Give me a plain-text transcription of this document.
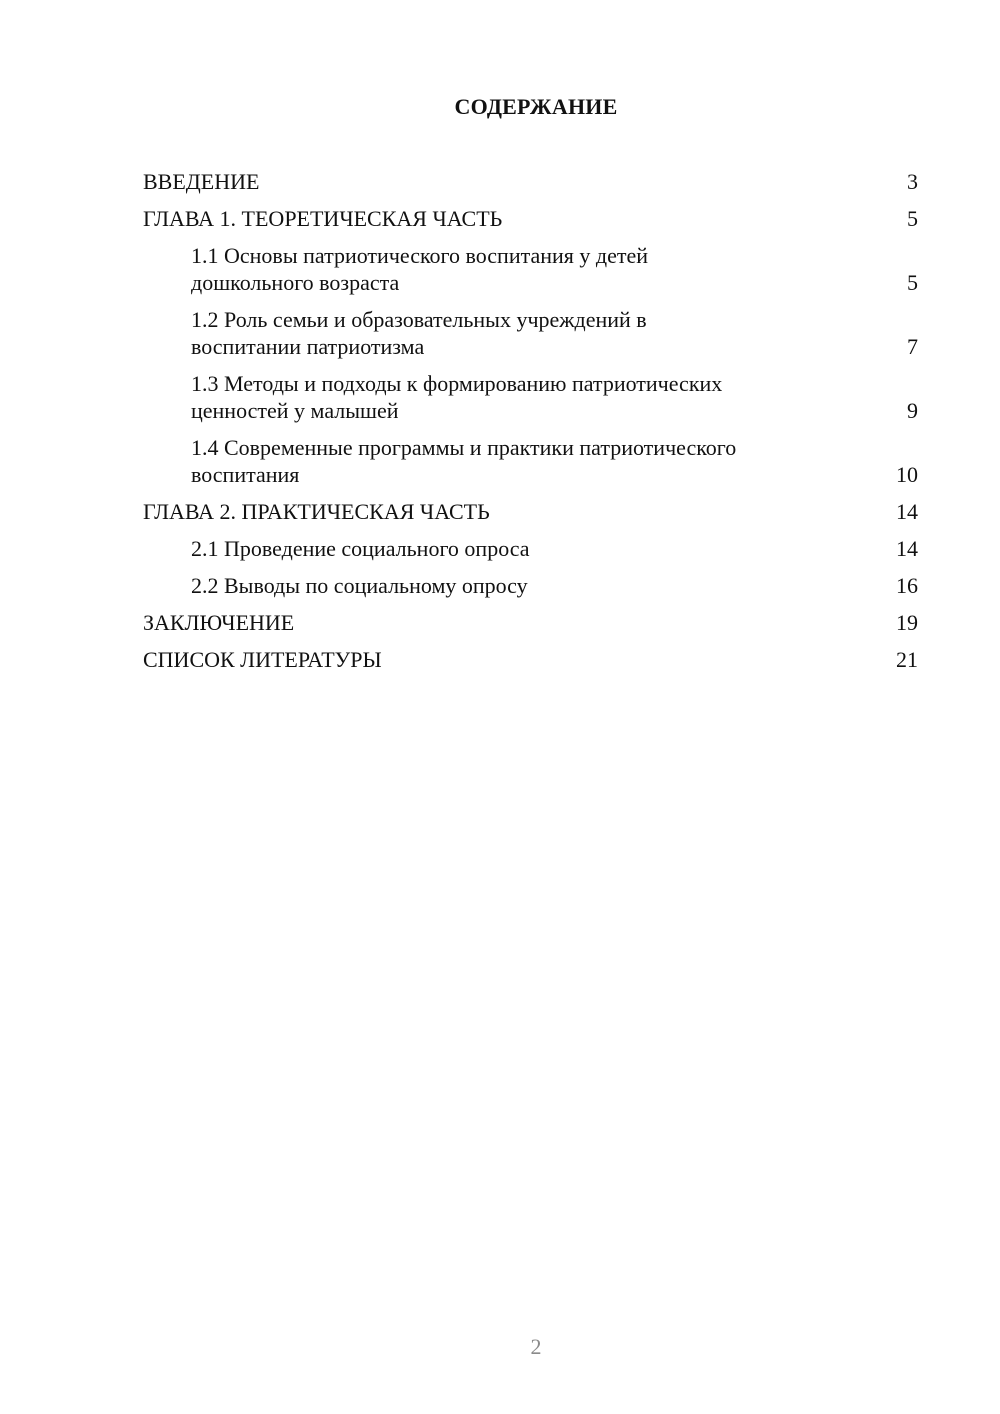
СОДЕРЖАНИЕ
ВВЕДЕНИЕ	3
ГЛАВА 1. ТЕОРЕТИЧЕСКАЯ ЧАСТЬ	5
1.1 Основы патриотического воспитания у детей
дошкольного возраста	5
1.2 Роль семьи и образовательных учреждений в
воспитании патриотизма	7
1.3 Методы и подходы к формированию патриотических
ценностей у малышей	9
1.4 Современные программы и практики патриотического
воспитания	10
ГЛАВА 2. ПРАКТИЧЕСКАЯ ЧАСТЬ	14
2.1 Проведение социального опроса	14
2.2 Выводы по социальному опросу	16
ЗАКЛЮЧЕНИЕ	19
СПИСОК ЛИТЕРАТУРЫ	21
2
